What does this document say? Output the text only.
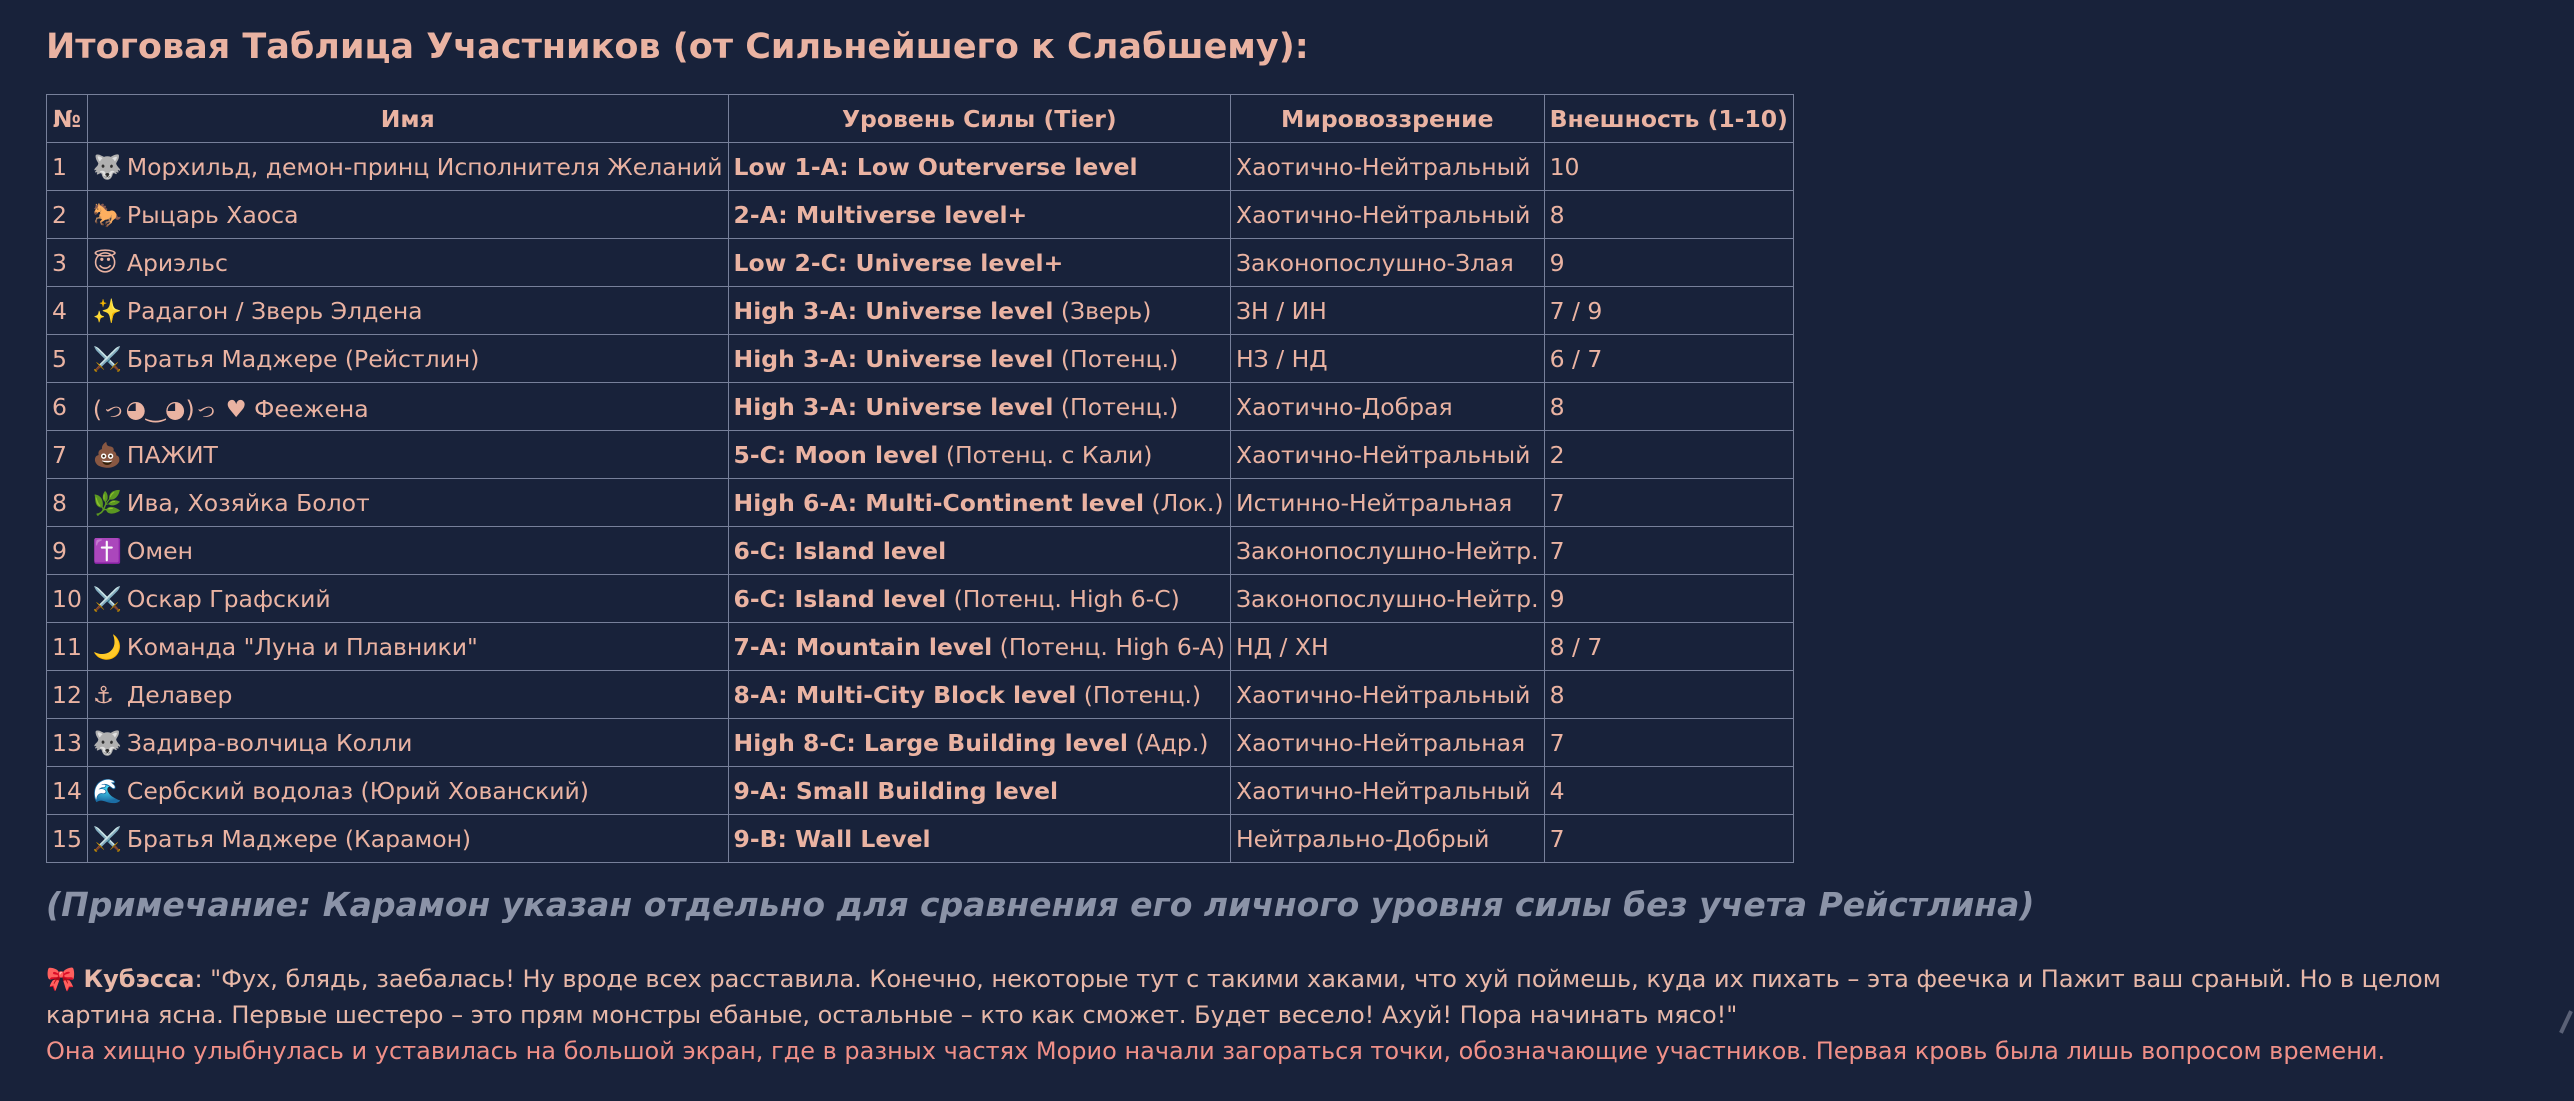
Итоговая Таблица Участников (от Сильнейшего к Слабшему):
№	Имя	Уровень Силы (Tier)	Мировоззрение	Внешность (1-10)
1	🐺 Морхильд, демон-принц Исполнителя Желаний	Low 1-A: Low Outerverse level	Хаотично-Нейтральный	10
2	🐎 Рыцарь Хаоса	2-A: Multiverse level+	Хаотично-Нейтральный	8
3	😇 Ариэльс	Low 2-C: Universe level+	Законопослушно-Злая	9
4	✨ Радагон / Зверь Элдена	High 3-A: Universe level (Зверь)	ЗН / ИН	7 / 9
5	⚔️ Братья Маджере (Рейстлин)	High 3-A: Universe level (Потенц.)	НЗ / НД	6 / 7
6	(っ◕‿◕)っ ♥ Феежена	High 3-A: Universe level (Потенц.)	Хаотично-Добрая	8
7	💩 ПАЖИТ	5-C: Moon level (Потенц. с Кали)	Хаотично-Нейтральный	2
8	🌿 Ива, Хозяйка Болот	High 6-A: Multi-Continent level (Лок.)	Истинно-Нейтральная	7
9	✝️ Омен	6-C: Island level	Законопослушно-Нейтр.	7
10	⚔️ Оскар Графский	6-C: Island level (Потенц. High 6-C)	Законопослушно-Нейтр.	9
11	🌙 Команда "Луна и Плавники"	7-A: Mountain level (Потенц. High 6-A)	НД / ХН	8 / 7
12	⚓ Делавер	8-A: Multi-City Block level (Потенц.)	Хаотично-Нейтральный	8
13	🐺 Задира-волчица Колли	High 8-C: Large Building level (Адр.)	Хаотично-Нейтральная	7
14	🌊 Сербский водолаз (Юрий Хованский)	9-A: Small Building level	Хаотично-Нейтральный	4
15	⚔️ Братья Маджере (Карамон)	9-B: Wall Level	Нейтрально-Добрый	7

(Примечание: Карамон указан отдельно для сравнения его личного уровня силы без учета Рейстлина)

🎀 Кубэсса: "Фух, блядь, заебалась! Ну вроде всех расставила. Конечно, некоторые тут с такими хаками, что хуй поймешь, куда их пихать – эта феечка и Пажит ваш сраный. Но в целом картина ясна. Первые шестеро – это прям монстры ебаные, остальные – кто как сможет. Будет весело! Ахуй! Пора начинать мясо!"

Она хищно улыбнулась и уставилась на большой экран, где в разных частях Морио начали загораться точки, обозначающие участников. Первая кровь была лишь вопросом времени.
